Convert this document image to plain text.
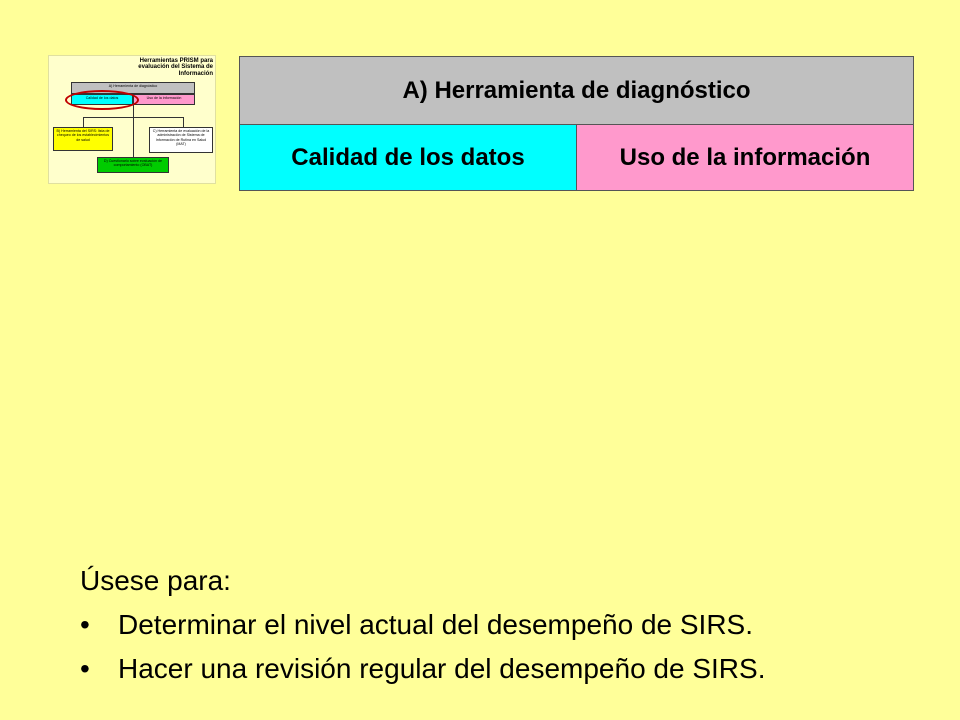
Herramientas PRISM para evaluación del Sistema de Información
A) Herramienta de diagnóstico
Calidad de los datos	Uso de la información
B) Herramienta del SIRS: lista de chequeo de los establecimientos de salud
C) Herramienta de evaluación de la administración de Sistema de Información de Rutina en Salud (MAT)
D) Cuestionario sobre evaluación de comportamiento (OBAT)
A) Herramienta de diagnóstico
Calidad de los datos	Uso de la información
Úsese para:
•	Determinar el nivel actual del desempeño de SIRS.
•	Hacer una revisión regular del desempeño de SIRS.
